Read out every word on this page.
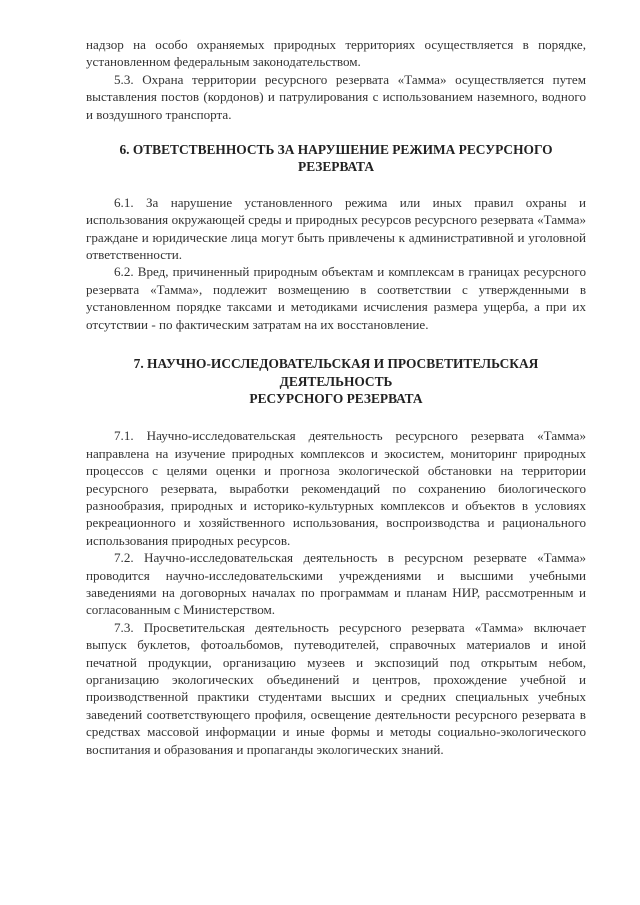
надзор на особо охраняемых природных территориях осуществляется в порядке, установленном федеральным законодательством.

5.3. Охрана территории ресурсного резервата «Тамма» осуществляется путем выставления постов (кордонов) и патрулирования с использованием наземного, водного и воздушного транспорта.

6. ОТВЕТСТВЕННОСТЬ ЗА НАРУШЕНИЕ РЕЖИМА РЕСУРСНОГО
РЕЗЕРВАТА

6.1. За нарушение установленного режима или иных правил охраны и использования окружающей среды и природных ресурсов ресурсного резервата «Тамма» граждане и юридические лица могут быть привлечены к административной и уголовной ответственности.

6.2. Вред, причиненный природным объектам и комплексам в границах ресурсного резервата «Тамма», подлежит возмещению в соответствии с утвержденными в установленном порядке таксами и методиками исчисления размера ущерба, а при их отсутствии - по фактическим затратам на их восстановление.

7. НАУЧНО-ИССЛЕДОВАТЕЛЬСКАЯ И ПРОСВЕТИТЕЛЬСКАЯ
ДЕЯТЕЛЬНОСТЬ
РЕСУРСНОГО РЕЗЕРВАТА

7.1. Научно-исследовательская деятельность ресурсного резервата «Тамма» направлена на изучение природных комплексов и экосистем, мониторинг природных процессов с целями оценки и прогноза экологической обстановки на территории ресурсного резервата, выработки рекомендаций по сохранению биологического разнообразия, природных и историко-культурных комплексов и объектов в условиях рекреационного и хозяйственного использования, воспроизводства и рационального использования природных ресурсов.

7.2. Научно-исследовательская деятельность в ресурсном резервате «Тамма» проводится научно-исследовательскими учреждениями и высшими учебными заведениями на договорных началах по программам и планам НИР, рассмотренным и согласованным с Министерством.

7.3. Просветительская деятельность ресурсного резервата «Тамма» включает выпуск буклетов, фотоальбомов, путеводителей, справочных материалов и иной печатной продукции, организацию музеев и экспозиций под открытым небом, организацию экологических объединений и центров, прохождение учебной и производственной практики студентами высших и средних специальных учебных заведений соответствующего профиля, освещение деятельности ресурсного резервата в средствах массовой информации и иные формы и методы социально-экологического воспитания и образования и пропаганды экологических знаний.
